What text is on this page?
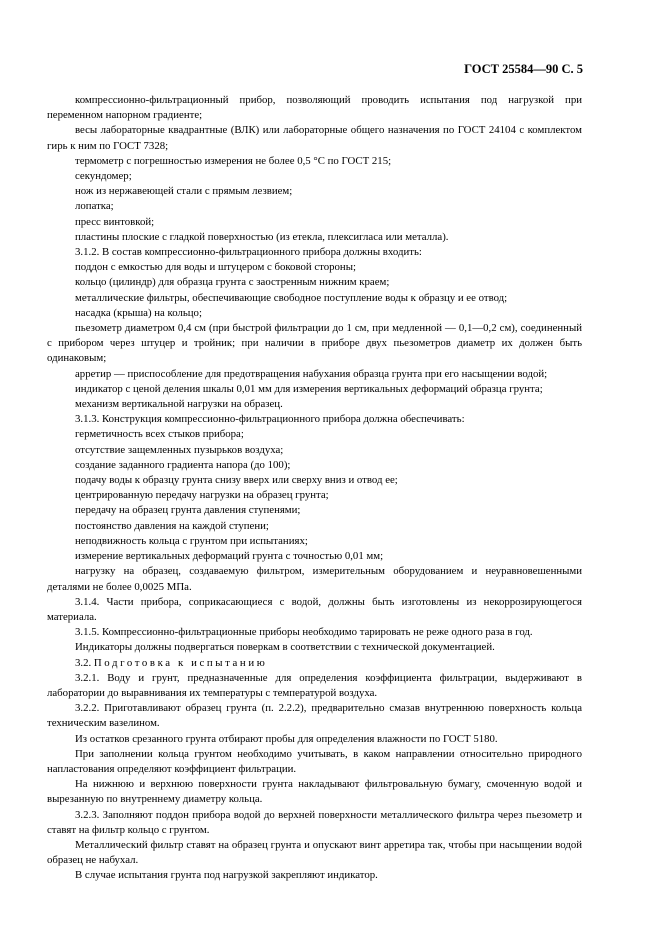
ГОСТ 25584—90 С. 5

компрессионно-фильтрационный прибор, позволяющий проводить испытания под нагрузкой при переменном напорном градиенте;

весы лабораторные квадрантные (ВЛК) или лабораторные общего назначения по ГОСТ 24104 с комплектом гирь к ним по ГОСТ 7328;

термометр с погрешностью измерения не более 0,5 °С по ГОСТ 215;

секундомер;

нож из нержавеющей стали с прямым лезвием;

лопатка;

пресс винтовкой;

пластины плоские с гладкой поверхностью (из етекла, плексигласа или металла).

3.1.2. В состав компрессионно-фильтрационного прибора должны входить:

поддон с емкостью для воды и штуцером с боковой стороны;

кольцо (цилиндр) для образца грунта с заостренным нижним краем;

металлические фильтры, обеспечивающие свободное поступление воды к образцу и ее отвод;

насадка (крыша) на кольцо;

пьезометр диаметром 0,4 см (при быстрой фильтрации до 1 см, при медленной — 0,1—0,2 см), соединенный с прибором через штуцер и тройник; при наличии в приборе двух пьезометров диаметр их должен быть одинаковым;

арретир — приспособление для предотвращения набухания образца грунта при его насыщении водой;

индикатор с ценой деления шкалы 0,01 мм для измерения вертикальных деформаций образца грунта;

механизм вертикальной нагрузки на образец.

3.1.3. Конструкция компрессионно-фильтрационного прибора должна обеспечивать:

герметичность всех стыков прибора;

отсутствие защемленных пузырьков воздуха;

создание заданного градиента напора (до 100);

подачу воды к образцу грунта снизу вверх или сверху вниз и отвод ее;

центрированную передачу нагрузки на образец грунта;

передачу на образец грунта давления ступенями;

постоянство давления на каждой ступени;

неподвижность кольца с грунтом при испытаниях;

измерение вертикальных деформаций грунта с точностью 0,01 мм;

нагрузку на образец, создаваемую фильтром, измерительным оборудованием и неуравновешенными деталями не более 0,0025 МПа.

3.1.4. Части прибора, соприкасающиеся с водой, должны быть изготовлены из некоррозирующегося материала.

3.1.5. Компрессионно-фильтрационные приборы необходимо тарировать не реже одного раза в год.

Индикаторы должны подвергаться поверкам в соответствии с технической документацией.

3.2. Подготовка к испытанию

3.2.1. Воду и грунт, предназначенные для определения коэффициента фильтрации, выдерживают в лаборатории до выравнивания их температуры с температурой воздуха.

3.2.2. Приготавливают образец грунта (п. 2.2.2), предварительно смазав внутреннюю поверхность кольца техническим вазелином.

Из остатков срезанного грунта отбирают пробы для определения влажности по ГОСТ 5180.

При заполнении кольца грунтом необходимо учитывать, в каком направлении относительно природного напластования определяют коэффициент фильтрации.

На нижнюю и верхнюю поверхности грунта накладывают фильтровальную бумагу, смоченную водой и вырезанную по внутреннему диаметру кольца.

3.2.3. Заполняют поддон прибора водой до верхней поверхности металлического фильтра через пьезометр и ставят на фильтр кольцо с грунтом.

Металлический фильтр ставят на образец грунта и опускают винт арретира так, чтобы при насыщении водой образец не набухал.

В случае испытания грунта под нагрузкой закрепляют индикатор.
